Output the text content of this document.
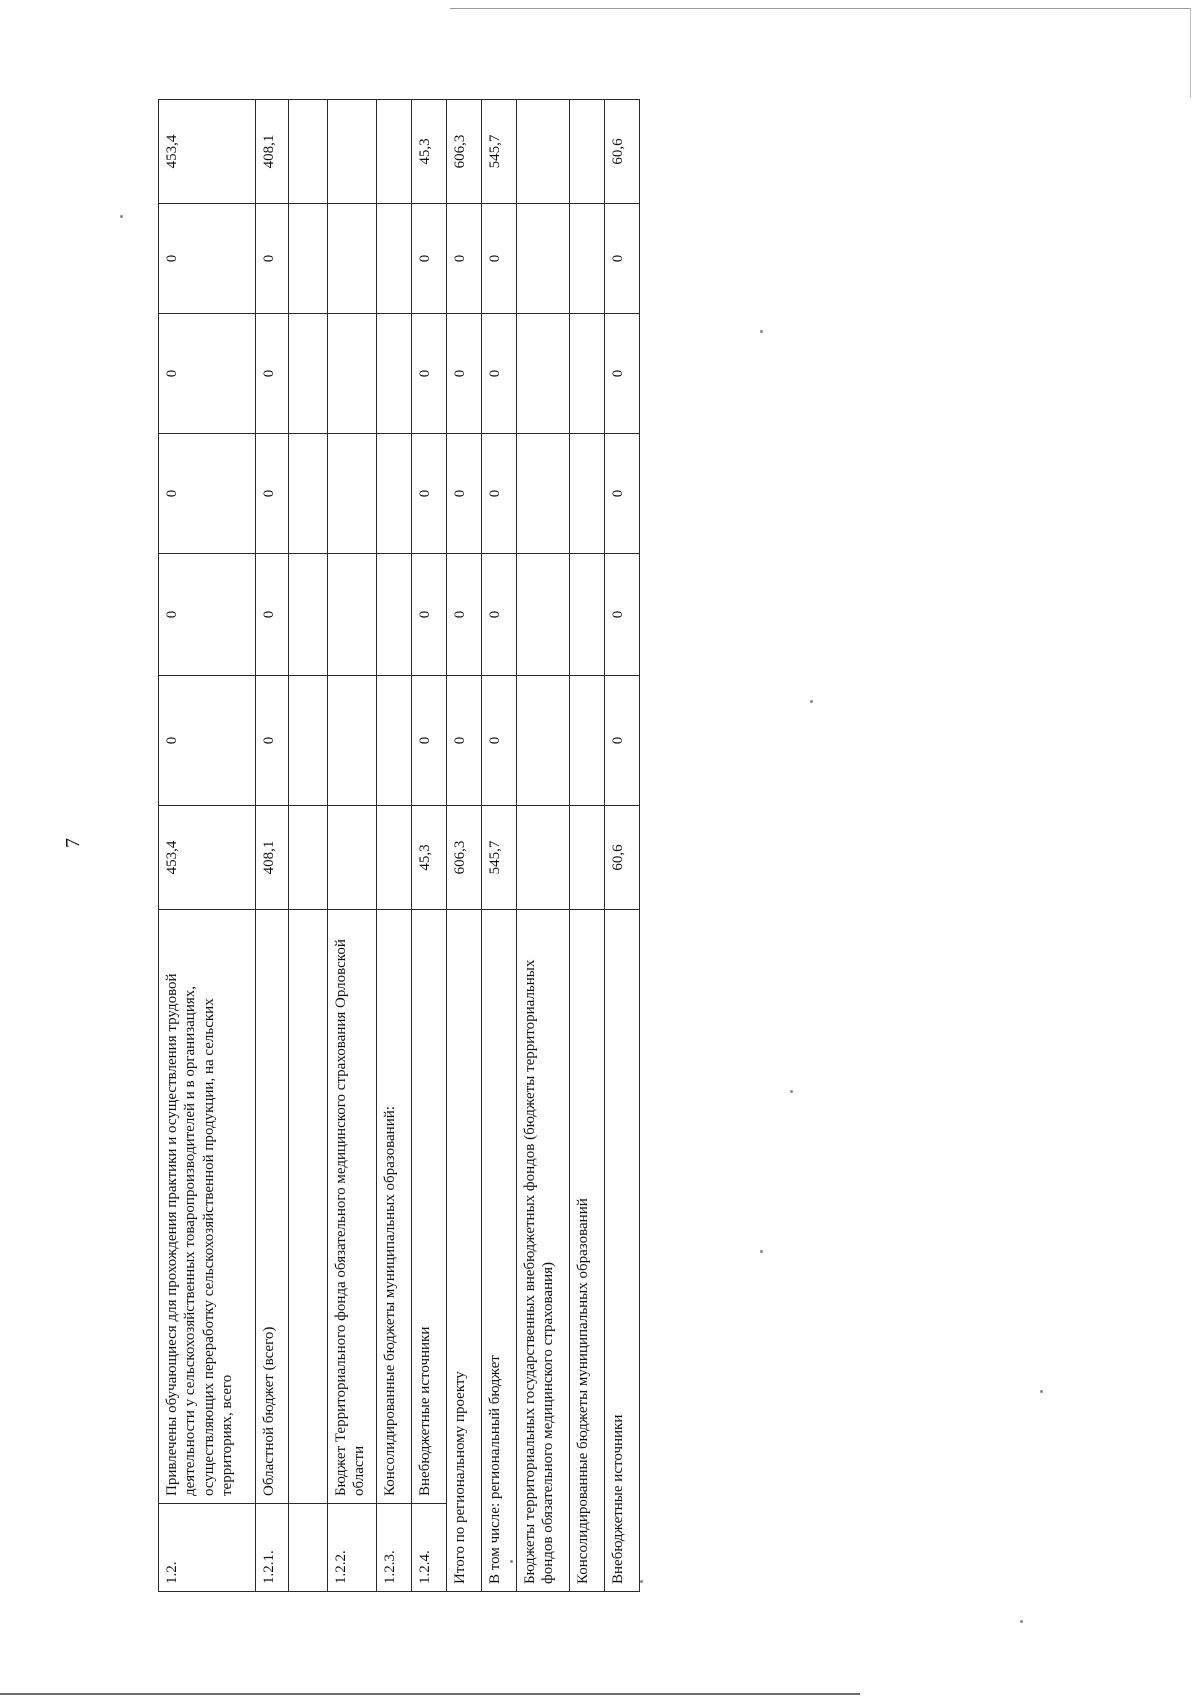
7
1.2.	Привлечены обучающиеся для прохождения практики и осуществления трудовой деятельности у сельскохозяйственных товаропроизводителей и в организациях, осуществляющих переработку сельскохозяйственной продукции, на сельских территориях, всего	453,4	0	0	0	0	0	453,4
1.2.1.	Областной бюджет (всего)	408,1	0	0	0	0	0	408,1

1.2.2.	Бюджет Территориального фонда обязательного медицинского страхования Орловской области							
1.2.3.	Консолидированные бюджеты муниципальных образований:							
1.2.4.	Внебюджетные источники	45,3	0	0	0	0	0	45,3
Итого по региональному проекту		606,3	0	0	0	0	0	606,3
В том числе: региональный бюджет		545,7	0	0	0	0	0	545,7
Бюджеты территориальных государственных внебюджетных фондов (бюджеты территориальных фондов обязательного медицинского страхования)								
Консолидированные бюджеты муниципальных образований								
Внебюджетные источники		60,6	0	0	0	0	0	60,6
